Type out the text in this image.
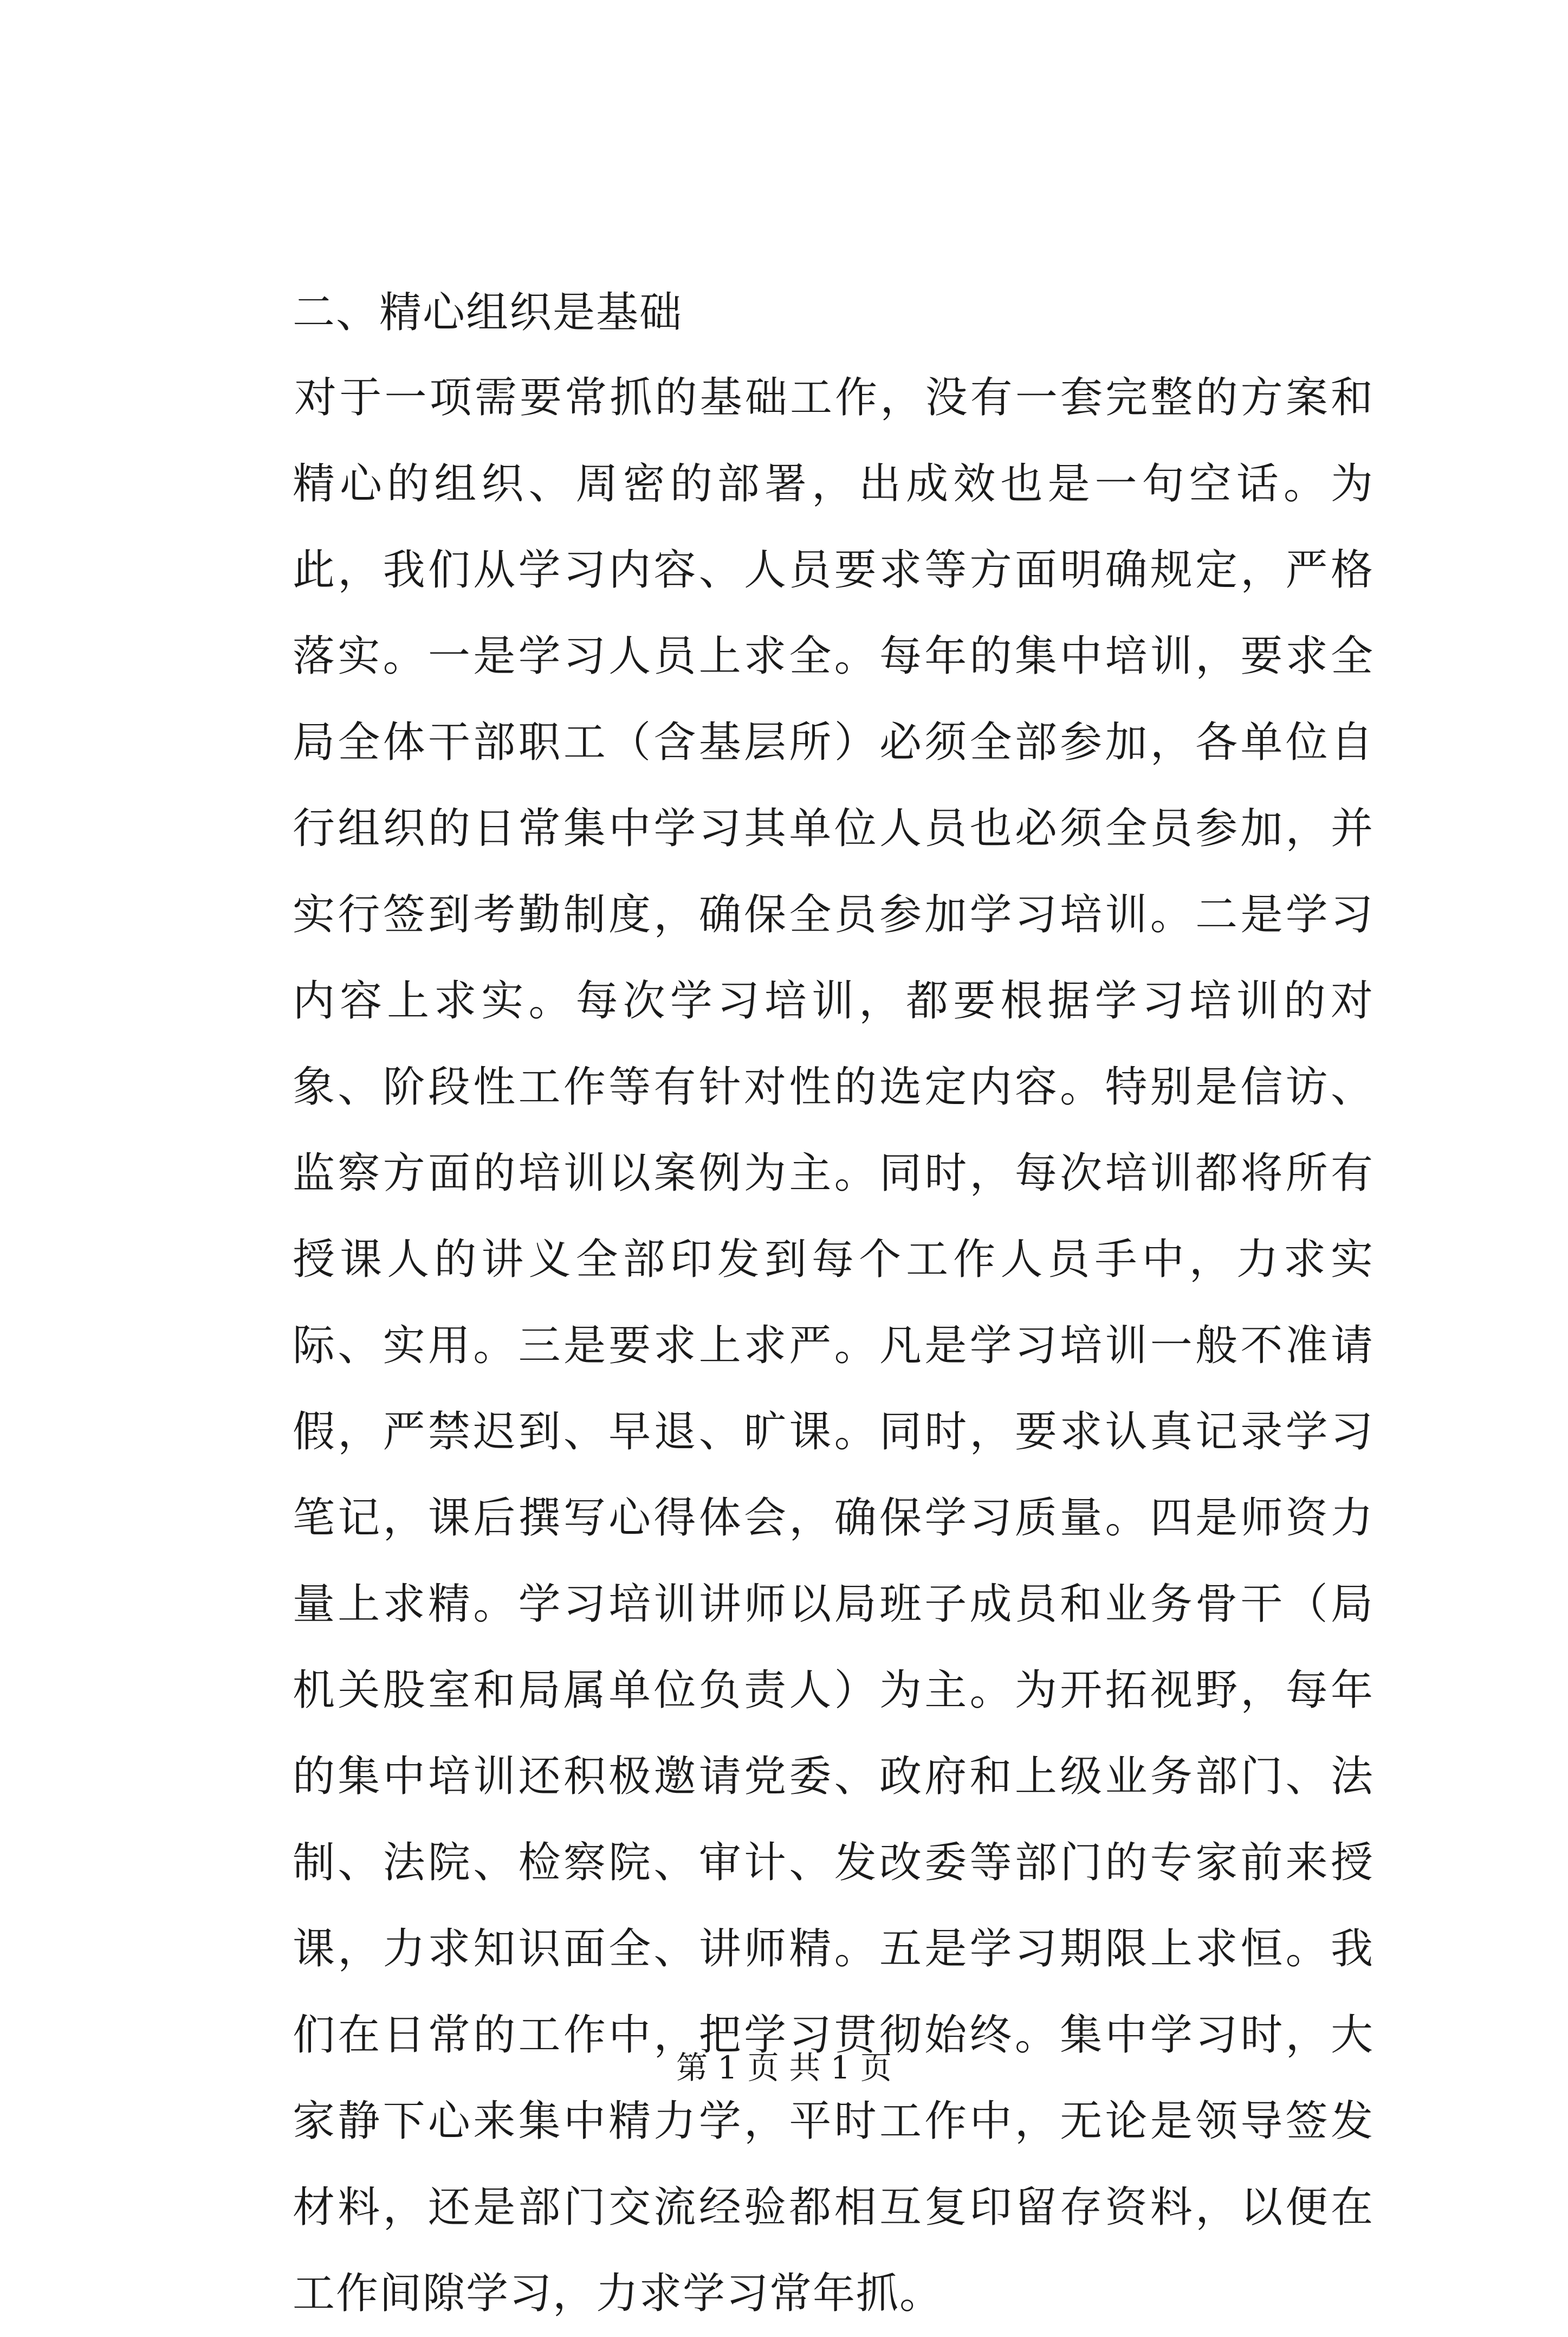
二、精心组织是基础

对于一项需要常抓的基础工作，没有一套完整的方案和精心的组织、周密的部署，出成效也是一句空话。为此，我们从学习内容、人员要求等方面明确规定，严格落实。一是学习人员上求全。每年的集中培训，要求全局全体干部职工（含基层所）必须全部参加，各单位自行组织的日常集中学习其单位人员也必须全员参加，并实行签到考勤制度，确保全员参加学习培训。二是学习内容上求实。每次学习培训，都要根据学习培训的对象、阶段性工作等有针对性的选定内容。特别是信访、监察方面的培训以案例为主。同时，每次培训都将所有授课人的讲义全部印发到每个工作人员手中，力求实际、实用。三是要求上求严。凡是学习培训一般不准请假，严禁迟到、早退、旷课。同时，要求认真记录学习笔记，课后撰写心得体会，确保学习质量。四是师资力量上求精。学习培训讲师以局班子成员和业务骨干（局机关股室和局属单位负责人）为主。为开拓视野，每年的集中培训还积极邀请党委、政府和上级业务部门、法制、法院、检察院、审计、发改委等部门的专家前来授课，力求知识面全、讲师精。五是学习期限上求恒。我们在日常的工作中，把学习贯彻始终。集中学习时，大家静下心来集中精力学，平时工作中，无论是领导签发材料，还是部门交流经验都相互复印留存资料，以便在工作间隙学习，力求学习常年抓。

第 1 页 共 1 页
